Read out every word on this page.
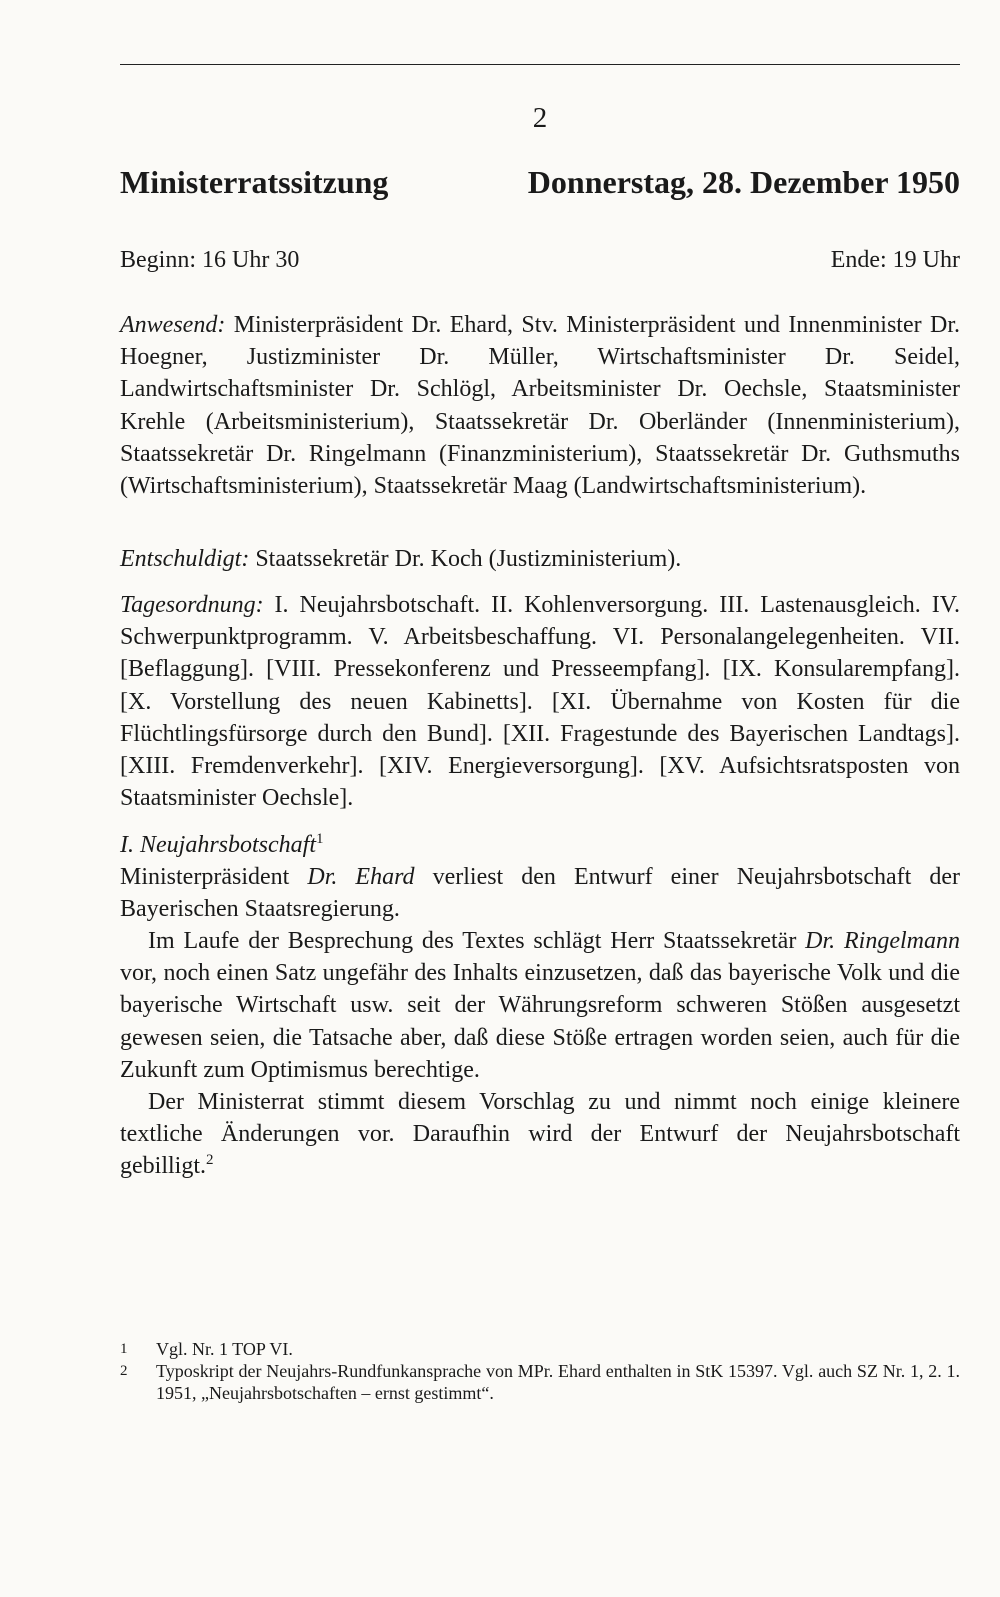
2
Ministerratssitzung	Donnerstag, 28. Dezember 1950
Beginn: 16 Uhr 30	Ende: 19 Uhr
Anwesend: Ministerpräsident Dr. Ehard, Stv. Ministerpräsident und Innenminister Dr. Hoegner, Justizminister Dr. Müller, Wirtschaftsminister Dr. Seidel, Landwirtschaftsminister Dr. Schlögl, Arbeitsminister Dr. Oechsle, Staatsminister Krehle (Arbeitsministerium), Staatssekretär Dr. Oberländer (Innenministerium), Staatssekretär Dr. Ringelmann (Finanzministerium), Staatssekretär Dr. Guthsmuths (Wirtschaftsministerium), Staatssekretär Maag (Landwirtschaftsministerium).
Entschuldigt: Staatssekretär Dr. Koch (Justizministerium).
Tagesordnung: I. Neujahrsbotschaft. II. Kohlenversorgung. III. Lastenausgleich. IV. Schwerpunktprogramm. V. Arbeitsbeschaffung. VI. Personalangelegenheiten. VII. [Beflaggung]. [VIII. Pressekonferenz und Presseempfang]. [IX. Konsularempfang]. [X. Vorstellung des neuen Kabinetts]. [XI. Übernahme von Kosten für die Flüchtlingsfürsorge durch den Bund]. [XII. Fragestunde des Bayerischen Landtags]. [XIII. Fremdenverkehr]. [XIV. Energieversorgung]. [XV. Aufsichtsratsposten von Staatsminister Oechsle].
I. Neujahrsbotschaft$^1$
Ministerpräsident Dr. Ehard verliest den Entwurf einer Neujahrsbotschaft der Bayerischen Staatsregierung.
Im Laufe der Besprechung des Textes schlägt Herr Staatssekretär Dr. Ringelmann vor, noch einen Satz ungefähr des Inhalts einzusetzen, daß das bayerische Volk und die bayerische Wirtschaft usw. seit der Währungsreform schweren Stößen ausgesetzt gewesen seien, die Tatsache aber, daß diese Stöße ertragen worden seien, auch für die Zukunft zum Optimismus berechtige.
Der Ministerrat stimmt diesem Vorschlag zu und nimmt noch einige kleinere textliche Änderungen vor. Daraufhin wird der Entwurf der Neujahrsbotschaft gebilligt.$^2$
1	Vgl. Nr. 1 TOP VI.
2	Typoskript der Neujahrs-Rundfunkansprache von MPr. Ehard enthalten in StK 15397. Vgl. auch SZ Nr. 1, 2. 1. 1951, „Neujahrsbotschaften – ernst gestimmt“.
